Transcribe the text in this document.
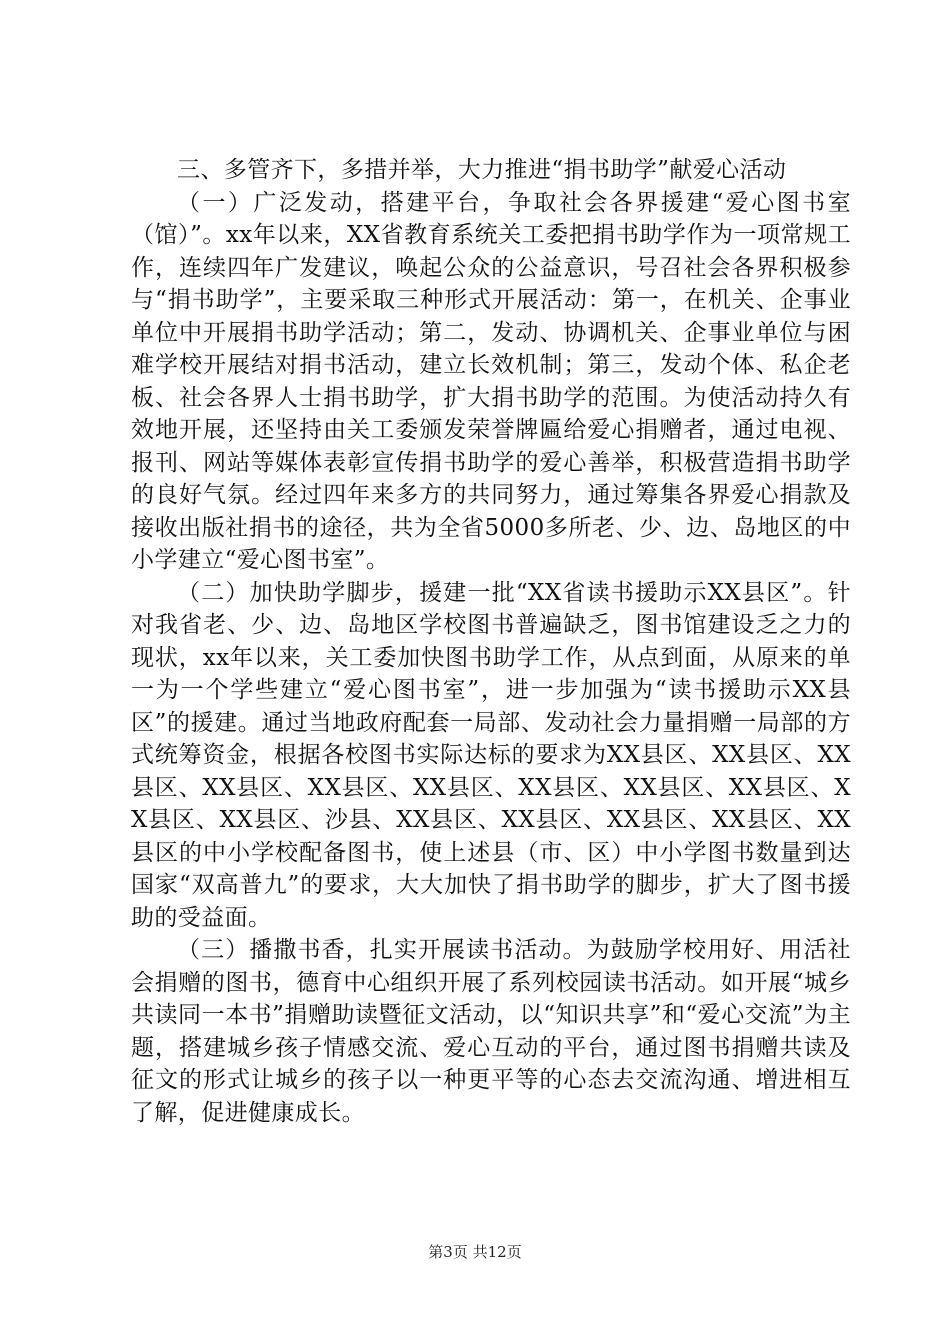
三、多管齐下，多措并举，大力推进“捐书助学”献爱心活动

（一）广泛发动，搭建平台，争取社会各界援建“爱心图书室（馆）”。xx年以来，XX省教育系统关工委把捐书助学作为一项常规工作，连续四年广发建议，唤起公众的公益意识，号召社会各界积极参与“捐书助学”，主要采取三种形式开展活动：第一，在机关、企事业单位中开展捐书助学活动；第二，发动、协调机关、企事业单位与困难学校开展结对捐书活动，建立长效机制；第三，发动个体、私企老板、社会各界人士捐书助学，扩大捐书助学的范围。为使活动持久有效地开展，还坚持由关工委颁发荣誉牌匾给爱心捐赠者，通过电视、报刊、网站等媒体表彰宣传捐书助学的爱心善举，积极营造捐书助学的良好气氛。经过四年来多方的共同努力，通过筹集各界爱心捐款及接收出版社捐书的途径，共为全省5000多所老、少、边、岛地区的中小学建立“爱心图书室”。

（二）加快助学脚步，援建一批“XX省读书援助示XX县区”。针对我省老、少、边、岛地区学校图书普遍缺乏，图书馆建设乏之力的现状，xx年以来，关工委加快图书助学工作，从点到面，从原来的单一为一个学些建立“爱心图书室”，进一步加强为“读书援助示XX县区”的援建。通过当地政府配套一局部、发动社会力量捐赠一局部的方式统筹资金，根据各校图书实际达标的要求为XX县区、XX县区、XX县区、XX县区、XX县区、XX县区、XX县区、XX县区、XX县区、XX县区、XX县区、沙县、XX县区、XX县区、XX县区、XX县区、XX县区的中小学校配备图书，使上述县（市、区）中小学图书数量到达国家“双高普九”的要求，大大加快了捐书助学的脚步，扩大了图书援助的受益面。

（三）播撒书香，扎实开展读书活动。为鼓励学校用好、用活社会捐赠的图书，德育中心组织开展了系列校园读书活动。如开展“城乡共读同一本书”捐赠助读暨征文活动，以“知识共享”和“爱心交流”为主题，搭建城乡孩子情感交流、爱心互动的平台，通过图书捐赠共读及征文的形式让城乡的孩子以一种更平等的心态去交流沟通、增进相互了解，促进健康成长。

第3页 共12页
